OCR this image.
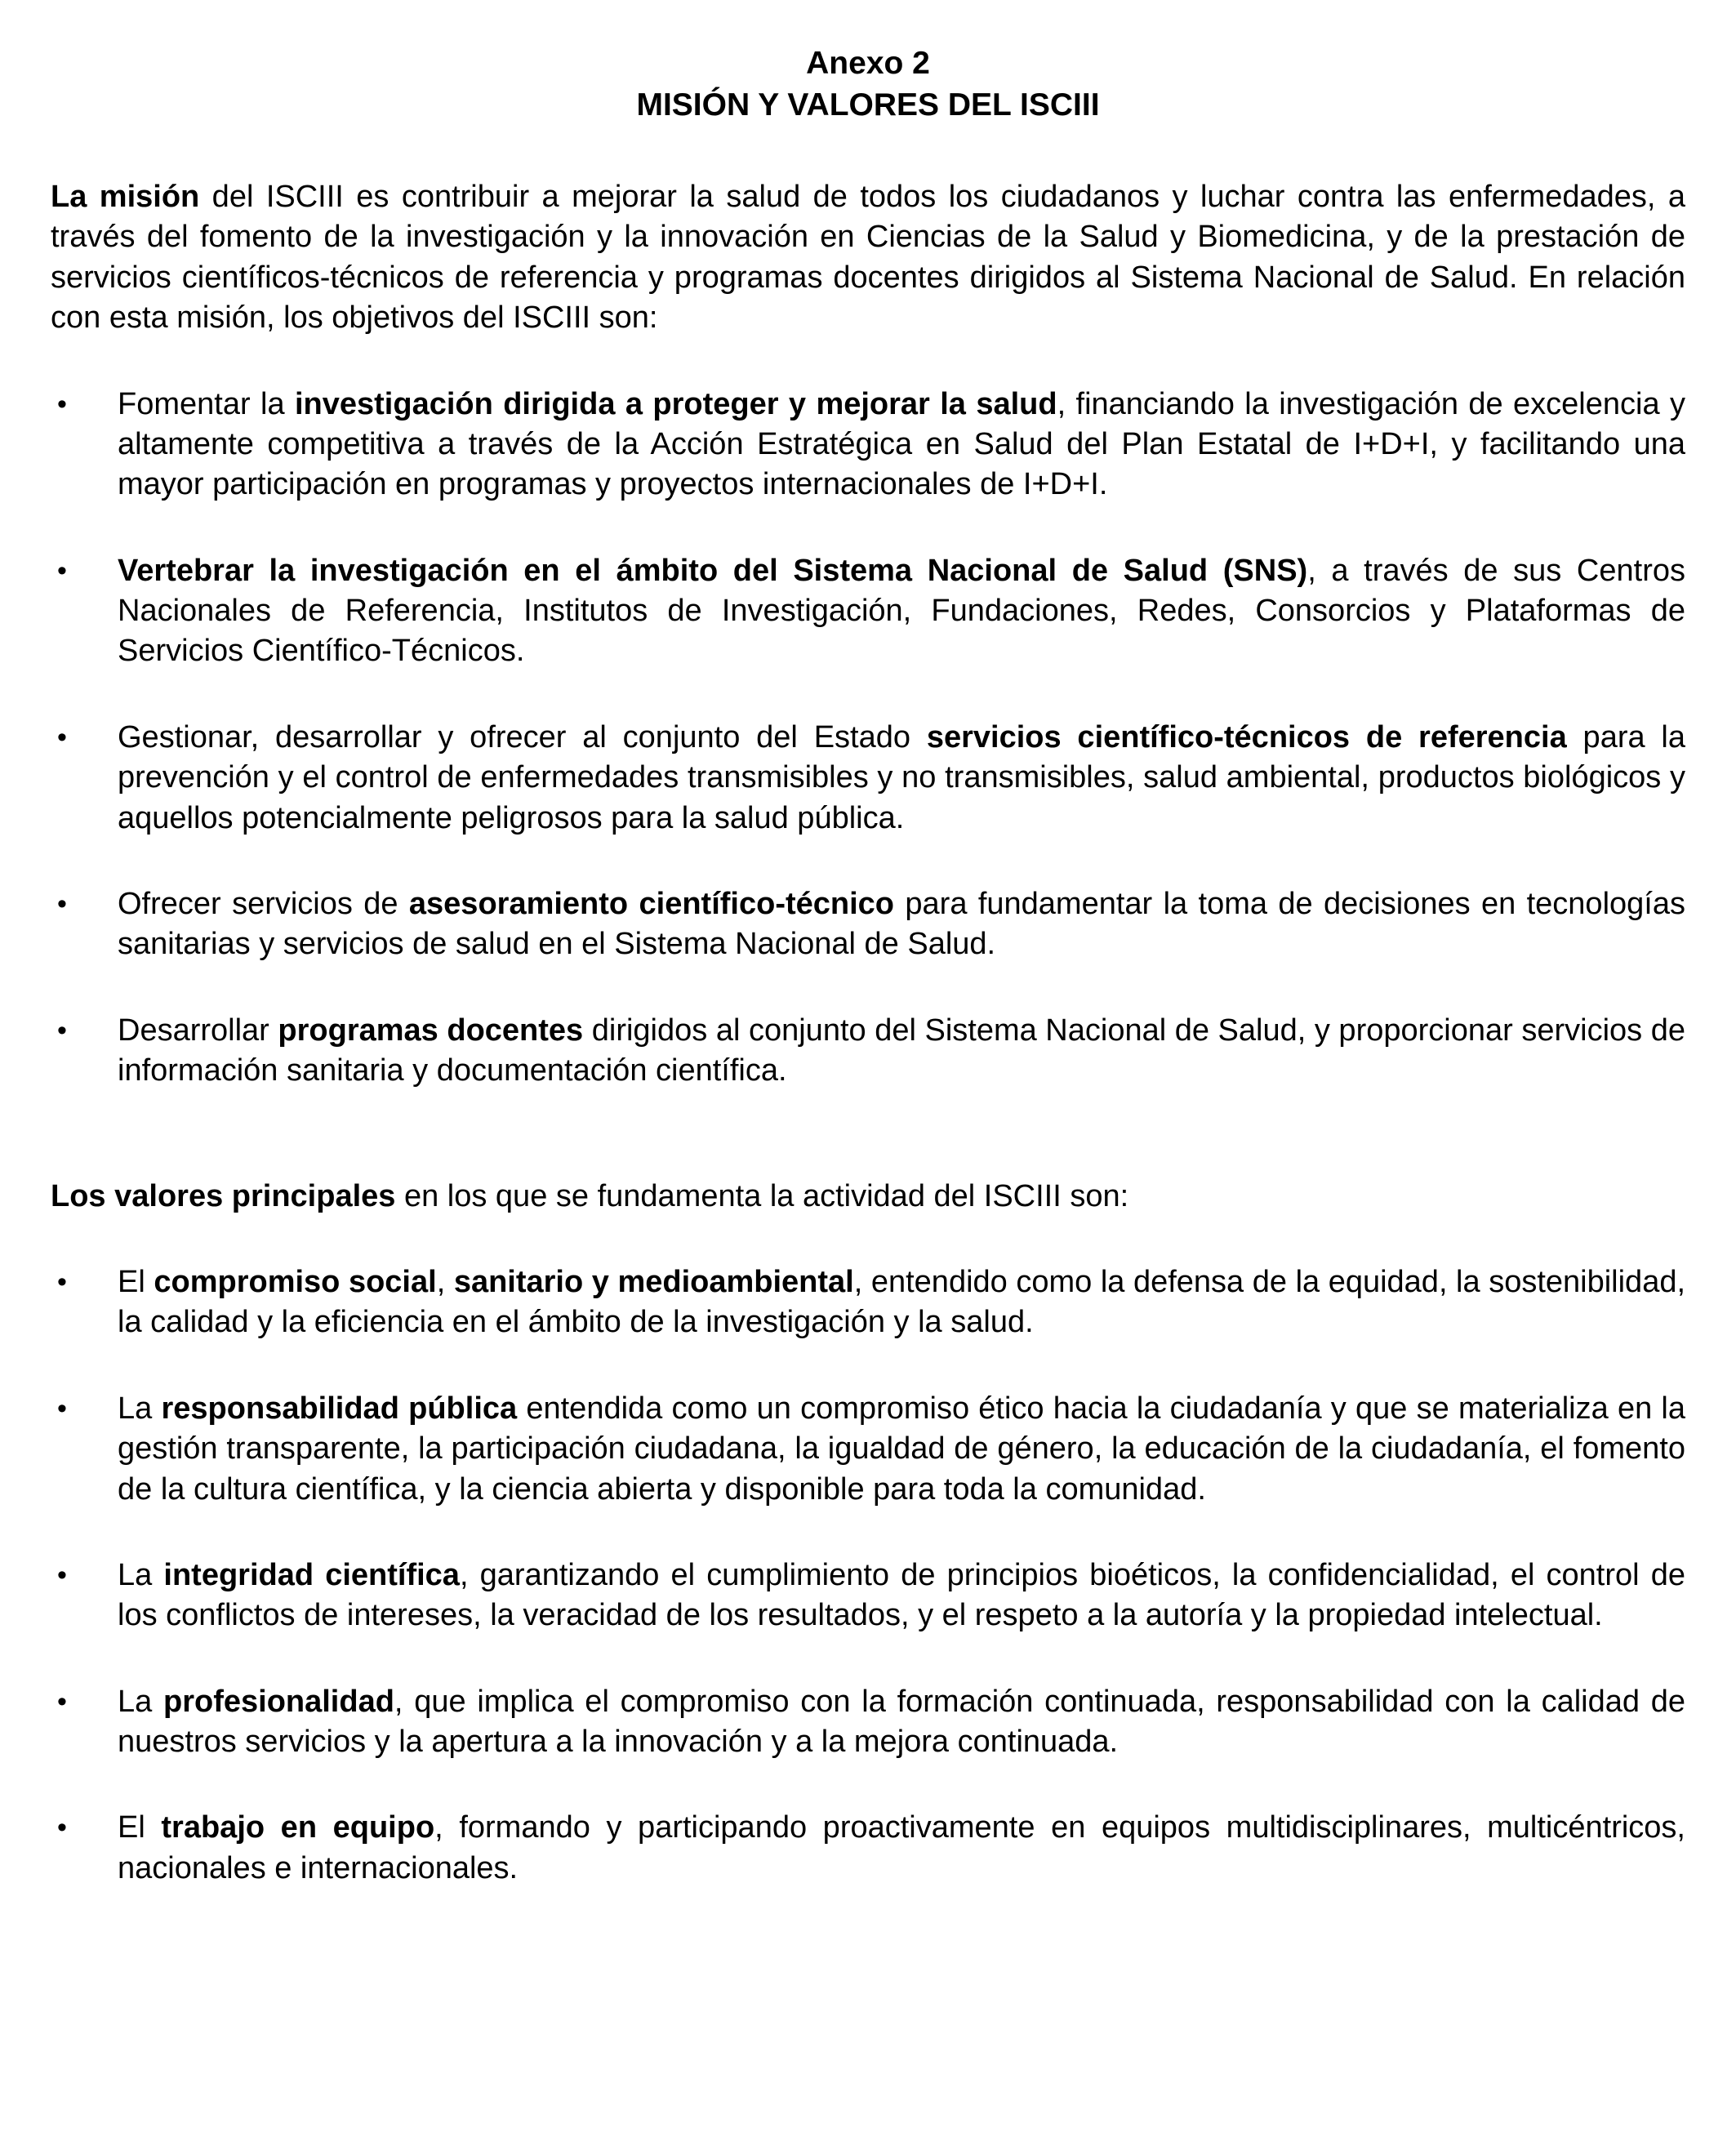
Anexo 2
MISIÓN Y VALORES DEL ISCIII

La misión del ISCIII es contribuir a mejorar la salud de todos los ciudadanos y luchar contra las enfermedades, a través del fomento de la investigación y la innovación en Ciencias de la Salud y Biomedicina, y de la prestación de servicios científicos-técnicos de referencia y programas docentes dirigidos al Sistema Nacional de Salud. En relación con esta misión, los objetivos del ISCIII son:

•	Fomentar la investigación dirigida a proteger y mejorar la salud, financiando la investigación de excelencia y altamente competitiva a través de la Acción Estratégica en Salud del Plan Estatal de I+D+I, y facilitando una mayor participación en programas y proyectos internacionales de I+D+I.
•	Vertebrar la investigación en el ámbito del Sistema Nacional de Salud (SNS), a través de sus Centros Nacionales de Referencia, Institutos de Investigación, Fundaciones, Redes, Consorcios y Plataformas de Servicios Científico-Técnicos.
•	Gestionar, desarrollar y ofrecer al conjunto del Estado servicios científico-técnicos de referencia para la prevención y el control de enfermedades transmisibles y no transmisibles, salud ambiental, productos biológicos y aquellos potencialmente peligrosos para la salud pública.
•	Ofrecer servicios de asesoramiento científico-técnico para fundamentar la toma de decisiones en tecnologías sanitarias y servicios de salud en el Sistema Nacional de Salud.
•	Desarrollar programas docentes dirigidos al conjunto del Sistema Nacional de Salud, y proporcionar servicios de información sanitaria y documentación científica.

Los valores principales en los que se fundamenta la actividad del ISCIII son:

•	El compromiso social, sanitario y medioambiental, entendido como la defensa de la equidad, la sostenibilidad, la calidad y la eficiencia en el ámbito de la investigación y la salud.
•	La responsabilidad pública entendida como un compromiso ético hacia la ciudadanía y que se materializa en la gestión transparente, la participación ciudadana, la igualdad de género, la educación de la ciudadanía, el fomento de la cultura científica, y la ciencia abierta y disponible para toda la comunidad.
•	La integridad científica, garantizando el cumplimiento de principios bioéticos, la confidencialidad, el control de los conflictos de intereses, la veracidad de los resultados, y el respeto a la autoría y la propiedad intelectual.
•	La profesionalidad, que implica el compromiso con la formación continuada, responsabilidad con la calidad de nuestros servicios y la apertura a la innovación y a la mejora continuada.
•	El trabajo en equipo, formando y participando proactivamente en equipos multidisciplinares, multicéntricos, nacionales e internacionales.
